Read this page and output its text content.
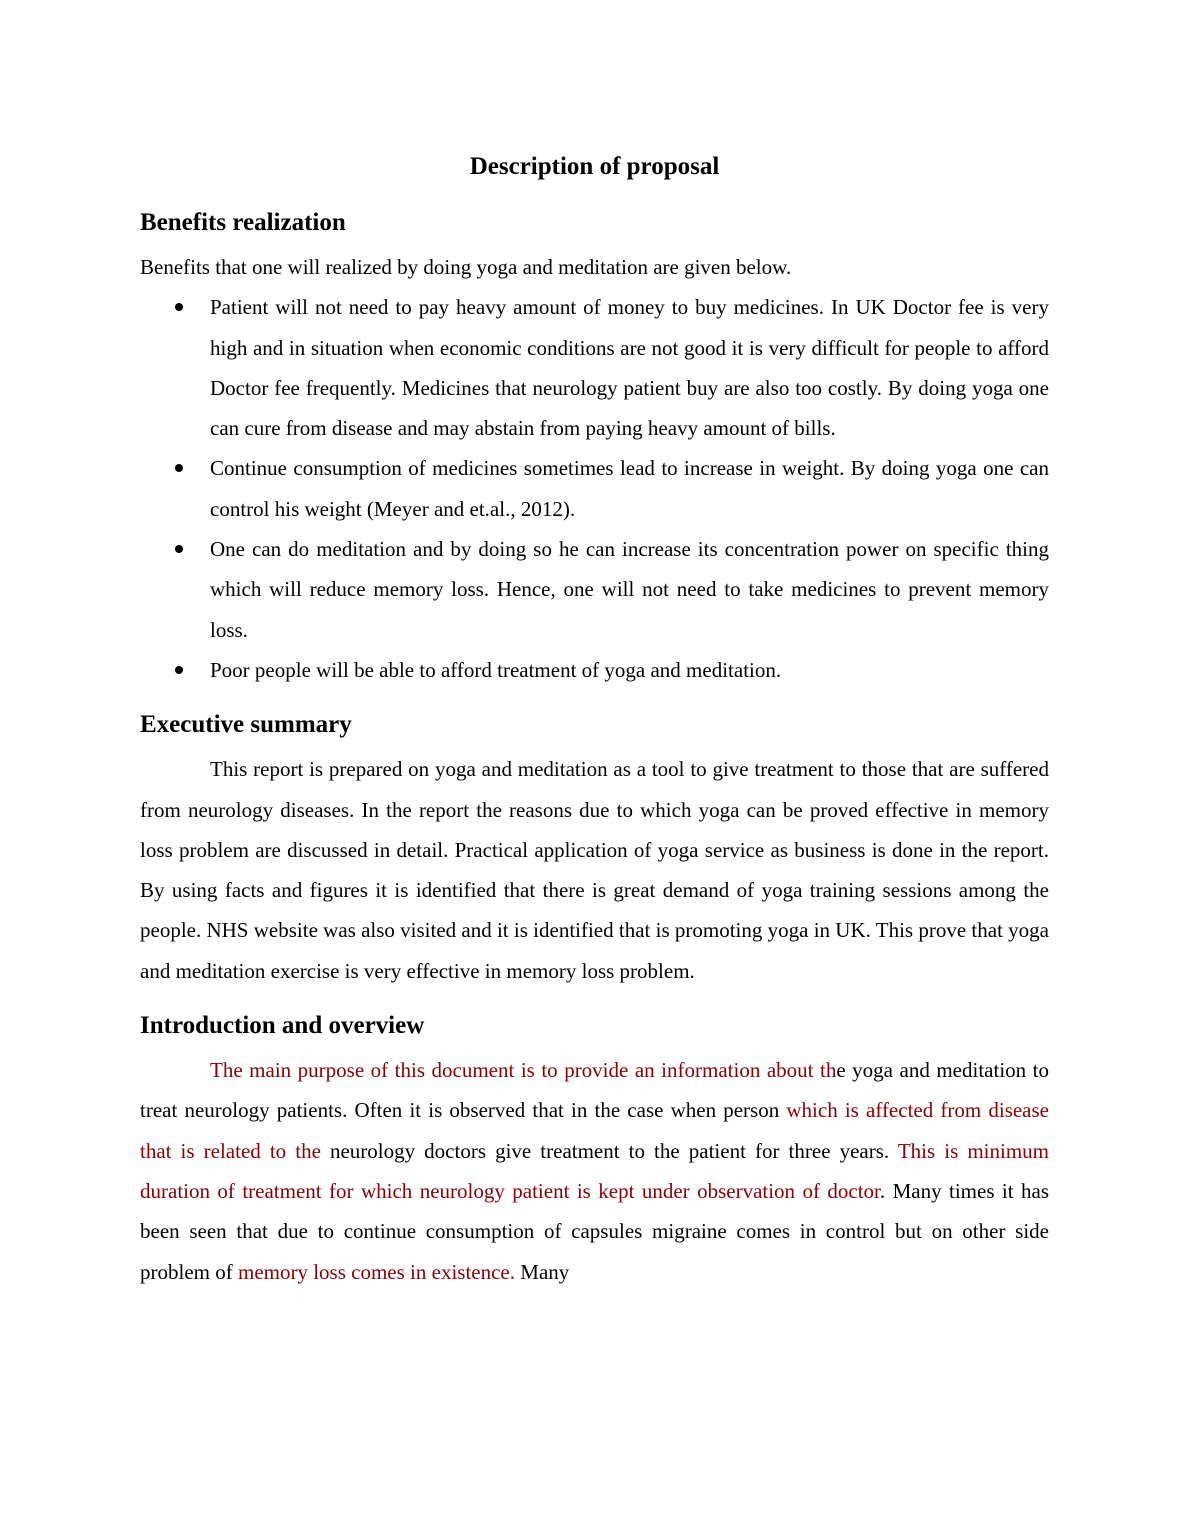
Description of proposal
Benefits realization

Benefits that one will realized by doing yoga and meditation are given below.

Patient will not need to pay heavy amount of money to buy medicines. In UK Doctor fee is very high and in situation when economic conditions are not good it is very difficult for people to afford Doctor fee frequently. Medicines that neurology patient buy are also too costly. By doing yoga one can cure from disease and may abstain from paying heavy amount of bills.
Continue consumption of medicines sometimes lead to increase in weight. By doing yoga one can control his weight (Meyer and et.al., 2012).
One can do meditation and by doing so he can increase its concentration power on specific thing which will reduce memory loss. Hence, one will not need to take medicines to prevent memory loss.
Poor people will be able to afford treatment of yoga and meditation.
Executive summary

This report is prepared on yoga and meditation as a tool to give treatment to those that are suffered from neurology diseases. In the report the reasons due to which yoga can be proved effective in memory loss problem are discussed in detail. Practical application of yoga service as business is done in the report. By using facts and figures it is identified that there is great demand of yoga training sessions among the people. NHS website was also visited and it is identified that is promoting yoga in UK. This prove that yoga and meditation exercise is very effective in memory loss problem.

Introduction and overview

The main purpose of this document is to provide an information about the yoga and meditation to treat neurology patients. Often it is observed that in the case when person which is affected from disease that is related to the neurology doctors give treatment to the patient for three years. This is minimum duration of treatment for which neurology patient is kept under observation of doctor. Many times it has been seen that due to continue consumption of capsules migraine comes in control but on other side problem of memory loss comes in existence. Many
